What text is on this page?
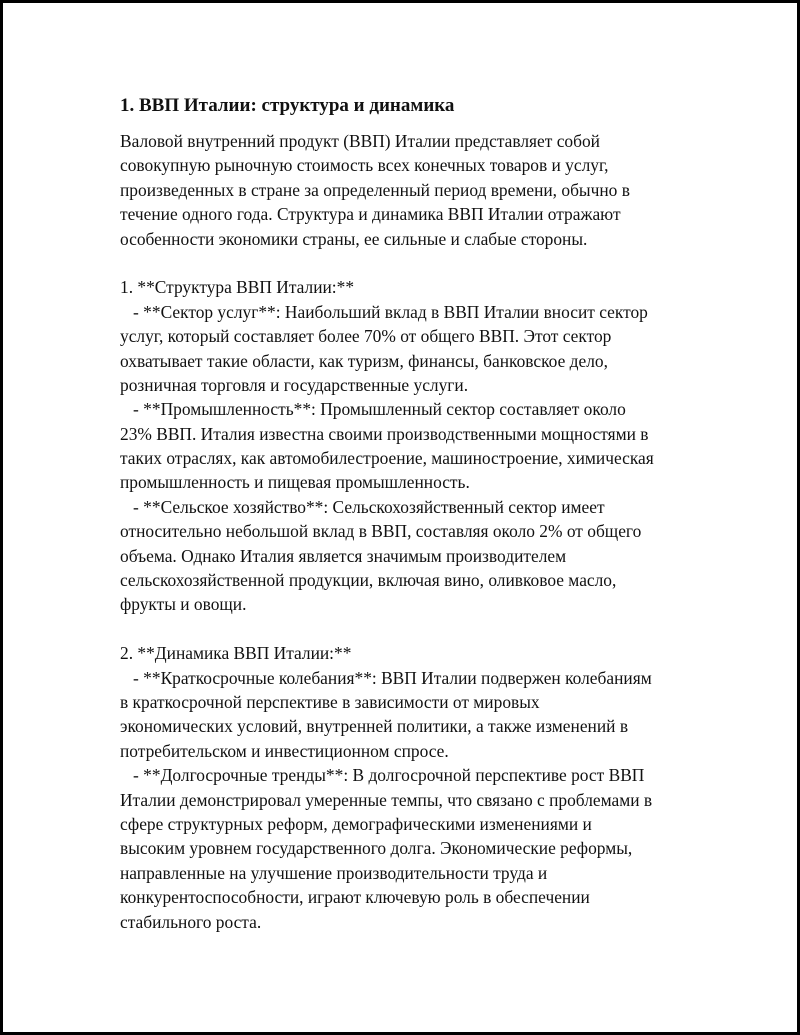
1. ВВП Италии: структура и динамика
Валовой внутренний продукт (ВВП) Италии представляет собой
совокупную рыночную стоимость всех конечных товаров и услуг,
произведенных в стране за определенный период времени, обычно в
течение одного года. Структура и динамика ВВП Италии отражают
особенности экономики страны, ее сильные и слабые стороны.
1. **Структура ВВП Италии:**
- **Сектор услуг**: Наибольший вклад в ВВП Италии вносит сектор
услуг, который составляет более 70% от общего ВВП. Этот сектор
охватывает такие области, как туризм, финансы, банковское дело,
розничная торговля и государственные услуги.
- **Промышленность**: Промышленный сектор составляет около
23% ВВП. Италия известна своими производственными мощностями в
таких отраслях, как автомобилестроение, машиностроение, химическая
промышленность и пищевая промышленность.
- **Сельское хозяйство**: Сельскохозяйственный сектор имеет
относительно небольшой вклад в ВВП, составляя около 2% от общего
объема. Однако Италия является значимым производителем
сельскохозяйственной продукции, включая вино, оливковое масло,
фрукты и овощи.
2. **Динамика ВВП Италии:**
- **Краткосрочные колебания**: ВВП Италии подвержен колебаниям
в краткосрочной перспективе в зависимости от мировых
экономических условий, внутренней политики, а также изменений в
потребительском и инвестиционном спросе.
- **Долгосрочные тренды**: В долгосрочной перспективе рост ВВП
Италии демонстрировал умеренные темпы, что связано с проблемами в
сфере структурных реформ, демографическими изменениями и
высоким уровнем государственного долга. Экономические реформы,
направленные на улучшение производительности труда и
конкурентоспособности, играют ключевую роль в обеспечении
стабильного роста.
